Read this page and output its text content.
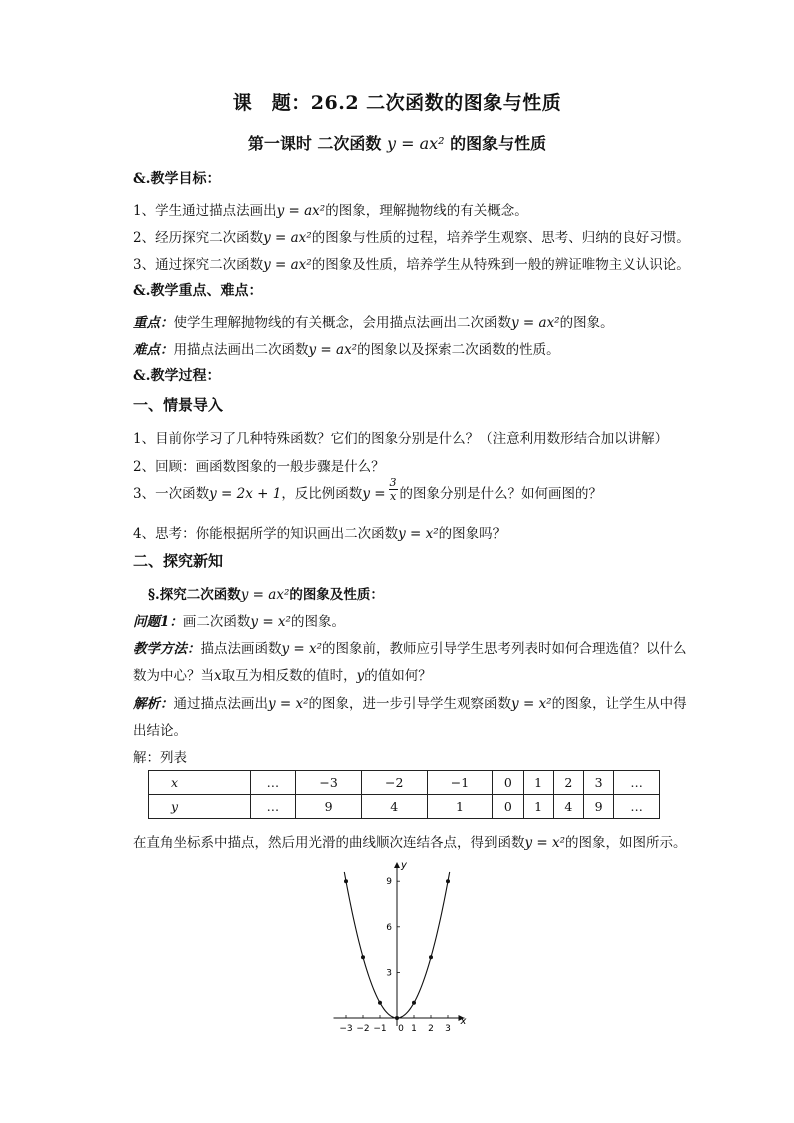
课　题：26.2 二次函数的图象与性质
第一课时 二次函数 y = ax² 的图象与性质
&.教学目标：
1、学生通过描点法画出y = ax²的图象，理解抛物线的有关概念。
2、经历探究二次函数y = ax²的图象与性质的过程，培养学生观察、思考、归纳的良好习惯。
3、通过探究二次函数y = ax²的图象及性质，培养学生从特殊到一般的辨证唯物主义认识论。
&.教学重点、难点：
重点：使学生理解抛物线的有关概念，会用描点法画出二次函数y = ax²的图象。
难点：用描点法画出二次函数y = ax²的图象以及探索二次函数的性质。
&.教学过程：
一、情景导入
1、目前你学习了几种特殊函数？它们的图象分别是什么？（注意利用数形结合加以讲解）
2、回顾：画函数图象的一般步骤是什么？
3、一次函数y = 2x + 1，反比例函数$y = \frac{3}{x}$ 的图象分别是什么？如何画图的？
4、思考：你能根据所学的知识画出二次函数y = x²的图象吗？
二、探究新知
§.探究二次函数y = ax²的图象及性质：
问题1：画二次函数y = x²的图象。
教学方法：描点法画函数y = x²的图象前，教师应引导学生思考列表时如何合理选值？以什么
数为中心？当x取互为相反数的值时，y的值如何？
解析：通过描点法画出y = x²的图象，进一步引导学生观察函数y = x²的图象，让学生从中得
出结论。
解：列表
x	…	−3	−2	−1	0	1	2	3	…
y	…	9	4	1	0	1	4	9	…
在直角坐标系中描点，然后用光滑的曲线顺次连结各点，得到函数y = x²的图象，如图所示。
x
y
−3 −2 −1 0 1 2 3
3
6
9
